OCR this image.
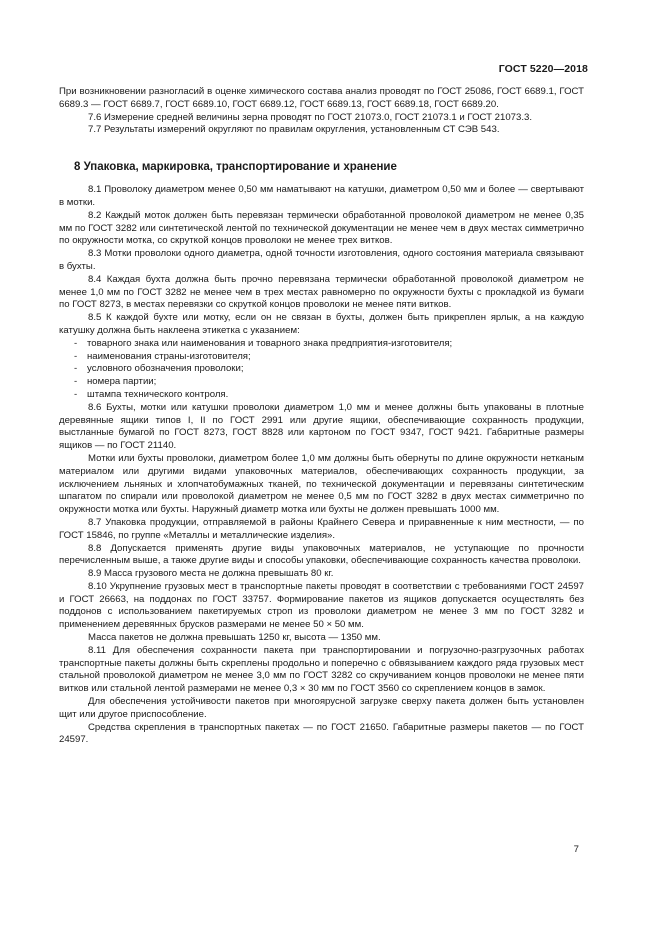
ГОСТ 5220—2018

При возникновении разногласий в оценке химического состава анализ проводят по ГОСТ 25086, ГОСТ 6689.1, ГОСТ 6689.3 — ГОСТ 6689.7, ГОСТ 6689.10, ГОСТ 6689.12, ГОСТ 6689.13, ГОСТ 6689.18, ГОСТ 6689.20.

7.6 Измерение средней величины зерна проводят по ГОСТ 21073.0, ГОСТ 21073.1 и ГОСТ 21073.3.

7.7 Результаты измерений округляют по правилам округления, установленным СТ СЭВ 543.

8 Упаковка, маркировка, транспортирование и хранение

8.1 Проволоку диаметром менее 0,50 мм наматывают на катушки, диаметром 0,50 мм и более — свертывают в мотки.

8.2 Каждый моток должен быть перевязан термически обработанной проволокой диаметром не менее 0,35 мм по ГОСТ 3282 или синтетической лентой по технической документации не менее чем в двух местах симметрично по окружности мотка, со скруткой концов проволоки не менее трех витков.

8.3 Мотки проволоки одного диаметра, одной точности изготовления, одного состояния материала связывают в бухты.

8.4 Каждая бухта должна быть прочно перевязана термически обработанной проволокой диаметром не менее 1,0 мм по ГОСТ 3282 не менее чем в трех местах равномерно по окружности бухты с прокладкой из бумаги по ГОСТ 8273, в местах перевязки со скруткой концов проволоки не менее пяти витков.

8.5 К каждой бухте или мотку, если он не связан в бухты, должен быть прикреплен ярлык, а на каждую катушку должна быть наклеена этикетка с указанием:

- товарного знака или наименования и товарного знака предприятия-изготовителя;
- наименования страны-изготовителя;
- условного обозначения проволоки;
- номера партии;
- штампа технического контроля.

8.6 Бухты, мотки или катушки проволоки диаметром 1,0 мм и менее должны быть упакованы в плотные деревянные ящики типов I, II по ГОСТ 2991 или другие ящики, обеспечивающие сохранность продукции, выстланные бумагой по ГОСТ 8273, ГОСТ 8828 или картоном по ГОСТ 9347, ГОСТ 9421. Габаритные размеры ящиков — по ГОСТ 21140.

Мотки или бухты проволоки, диаметром более 1,0 мм должны быть обернуты по длине окружности нетканым материалом или другими видами упаковочных материалов, обеспечивающих сохранность продукции, за исключением льняных и хлопчатобумажных тканей, по технической документации и перевязаны синтетическим шпагатом по спирали или проволокой диаметром не менее 0,5 мм по ГОСТ 3282 в двух местах симметрично по окружности мотка или бухты. Наружный диаметр мотка или бухты не должен превышать 1000 мм.

8.7 Упаковка продукции, отправляемой в районы Крайнего Севера и приравненные к ним местности, — по ГОСТ 15846, по группе «Металлы и металлические изделия».

8.8 Допускается применять другие виды упаковочных материалов, не уступающие по прочности перечисленным выше, а также другие виды и способы упаковки, обеспечивающие сохранность качества проволоки.

8.9 Масса грузового места не должна превышать 80 кг.

8.10 Укрупнение грузовых мест в транспортные пакеты проводят в соответствии с требованиями ГОСТ 24597 и ГОСТ 26663, на поддонах по ГОСТ 33757. Формирование пакетов из ящиков допускается осуществлять без поддонов с использованием пакетируемых строп из проволоки диаметром не менее 3 мм по ГОСТ 3282 и применением деревянных брусков размерами не менее 50 × 50 мм.

Масса пакетов не должна превышать 1250 кг, высота — 1350 мм.

8.11 Для обеспечения сохранности пакета при транспортировании и погрузочно-разгрузочных работах транспортные пакеты должны быть скреплены продольно и поперечно с обвязыванием каждого ряда грузовых мест стальной проволокой диаметром не менее 3,0 мм по ГОСТ 3282 со скручиванием концов проволоки не менее пяти витков или стальной лентой размерами не менее 0,3 × 30 мм по ГОСТ 3560 со скреплением концов в замок.

Для обеспечения устойчивости пакетов при многоярусной загрузке сверху пакета должен быть установлен щит или другое приспособление.

Средства скрепления в транспортных пакетах — по ГОСТ 21650. Габаритные размеры пакетов — по ГОСТ 24597.

7
